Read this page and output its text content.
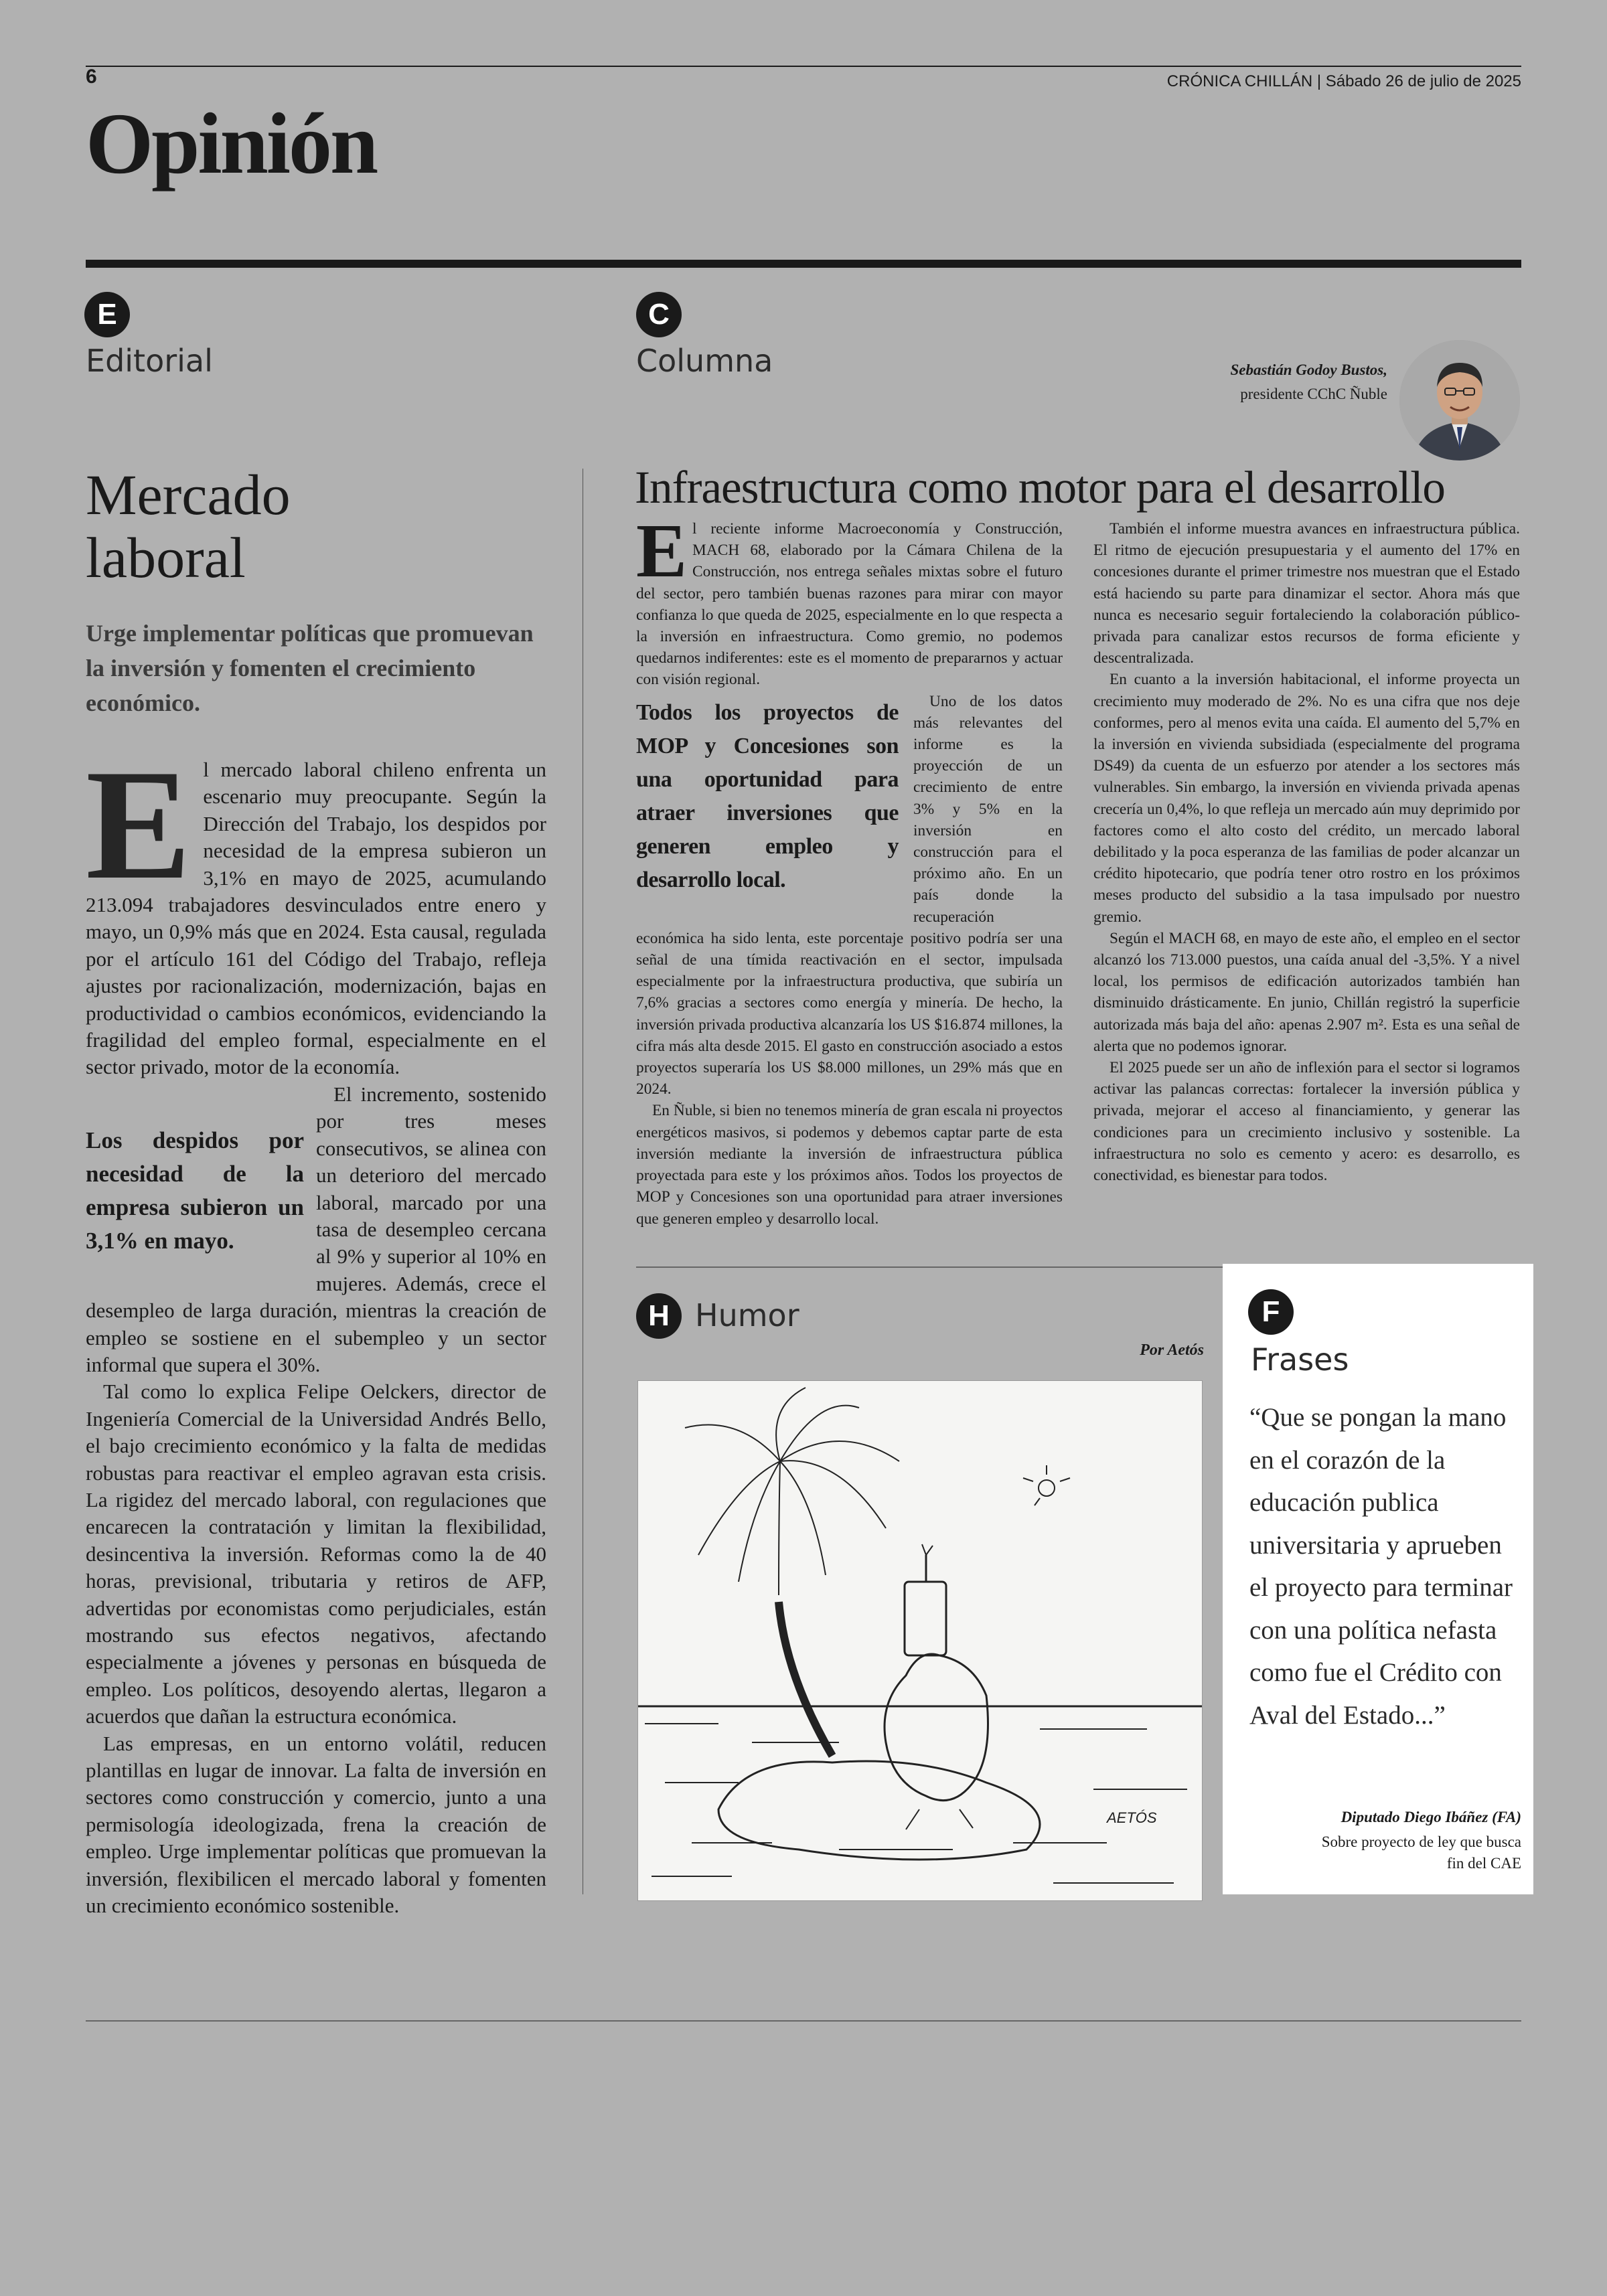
6	CRÓNICA CHILLÁN | Sábado 26 de julio de 2025
Opinión
E
Editorial
C
Columna	Sebastián Godoy Bustos,
presidente CChC Ñuble
Mercado
laboral
Urge implementar políticas que promuevan la inversión y fomenten el crecimiento económico.
E l mercado laboral chileno enfrenta un escenario muy preocupante. Según la Dirección del Trabajo, los despidos por necesidad de la empresa subieron un 3,1% en mayo de 2025, acumulando 213.094 trabajadores desvinculados entre enero y mayo, un 0,9% más que en 2024. Esta causal, regulada por el artículo 161 del Código del Trabajo, refleja ajustes por racionalización, modernización, bajas en productividad o cambios económicos, evidenciando la fragilidad del empleo formal, especialmente en el sector privado, motor de la economía.

Los despidos por necesidad de la empresa subieron un 3,1% en mayo.

El incremento, sostenido por tres meses consecutivos, se alinea con un deterioro del mercado laboral, marcado por una tasa de desempleo cercana al 9% y superior al 10% en mujeres. Además, crece el desempleo de larga duración, mientras la creación de empleo se sostiene en el subempleo y un sector informal que supera el 30%.

Tal como lo explica Felipe Oelckers, director de Ingeniería Comercial de la Universidad Andrés Bello, el bajo crecimiento económico y la falta de medidas robustas para reactivar el empleo agravan esta crisis. La rigidez del mercado laboral, con regulaciones que encarecen la contratación y limitan la flexibilidad, desincentiva la inversión. Reformas como la de 40 horas, previsional, tributaria y retiros de AFP, advertidas por economistas como perjudiciales, están mostrando sus efectos negativos, afectando especialmente a jóvenes y personas en búsqueda de empleo. Los políticos, desoyendo alertas, llegaron a acuerdos que dañan la estructura económica.

Las empresas, en un entorno volátil, reducen plantillas en lugar de innovar. La falta de inversión en sectores como construcción y comercio, junto a una permisología ideologizada, frena la creación de empleo. Urge implementar políticas que promuevan la inversión, flexibilicen el mercado laboral y fomenten un crecimiento económico sostenible.

Infraestructura como motor para el desarrollo
E l reciente informe Macroeconomía y Construcción, MACH 68, elaborado por la Cámara Chilena de la Construcción, nos entrega señales mixtas sobre el futuro del sector, pero también buenas razones para mirar con mayor confianza lo que queda de 2025, especialmente en lo que respecta a la inversión en infraestructura. Como gremio, no podemos quedarnos indiferentes: este es el momento de prepararnos y actuar con visión regional.

Todos los proyectos de MOP y Concesiones son una oportunidad para atraer inversiones que generen empleo y desarrollo local.

Uno de los datos más relevantes del informe es la proyección de un crecimiento de entre 3% y 5% en la inversión en construcción para el próximo año. En un país donde la recuperación económica ha sido lenta, este porcentaje positivo podría ser una señal de una tímida reactivación en el sector, impulsada especialmente por la infraestructura productiva, que subiría un 7,6% gracias a sectores como energía y minería. De hecho, la inversión privada productiva alcanzaría los US $16.874 millones, la cifra más alta desde 2015. El gasto en construcción asociado a estos proyectos superaría los US $8.000 millones, un 29% más que en 2024.

En Ñuble, si bien no tenemos minería de gran escala ni proyectos energéticos masivos, si podemos y debemos captar parte de esta inversión mediante la inversión de infraestructura pública proyectada para este y los próximos años. Todos los proyectos de MOP y Concesiones son una oportunidad para atraer inversiones que generen empleo y desarrollo local.

También el informe muestra avances en infraestructura pública. El ritmo de ejecución presupuestaria y el aumento del 17% en concesiones durante el primer trimestre nos muestran que el Estado está haciendo su parte para dinamizar el sector. Ahora más que nunca es necesario seguir fortaleciendo la colaboración público-privada para canalizar estos recursos de forma eficiente y descentralizada.

En cuanto a la inversión habitacional, el informe proyecta un crecimiento muy moderado de 2%. No es una cifra que nos deje conformes, pero al menos evita una caída. El aumento del 5,7% en la inversión en vivienda subsidiada (especialmente del programa DS49) da cuenta de un esfuerzo por atender a los sectores más vulnerables. Sin embargo, la inversión en vivienda privada apenas crecería un 0,4%, lo que refleja un mercado aún muy deprimido por factores como el alto costo del crédito, un mercado laboral debilitado y la poca esperanza de las familias de poder alcanzar un crédito hipotecario, que podría tener otro rostro en los próximos meses producto del subsidio a la tasa impulsado por nuestro gremio.

Según el MACH 68, en mayo de este año, el empleo en el sector alcanzó los 713.000 puestos, una caída anual del -3,5%. Y a nivel local, los permisos de edificación autorizados también han disminuido drásticamente. En junio, Chillán registró la superficie autorizada más baja del año: apenas 2.907 m². Esta es una señal de alerta que no podemos ignorar.

El 2025 puede ser un año de inflexión para el sector si logramos activar las palancas correctas: fortalecer la inversión pública y privada, mejorar el acceso al financiamiento, y generar las condiciones para un crecimiento inclusivo y sostenible. La infraestructura no solo es cemento y acero: es desarrollo, es conectividad, es bienestar para todos.

H Humor
Por Aetós
AETÓS
F
Frases
“Que se pongan la mano en el corazón de la educación publica universitaria y aprueben el proyecto para terminar con una política nefasta como fue el Crédito con Aval del Estado...”
Diputado Diego Ibáñez (FA)
Sobre proyecto de ley que busca fin del CAE
